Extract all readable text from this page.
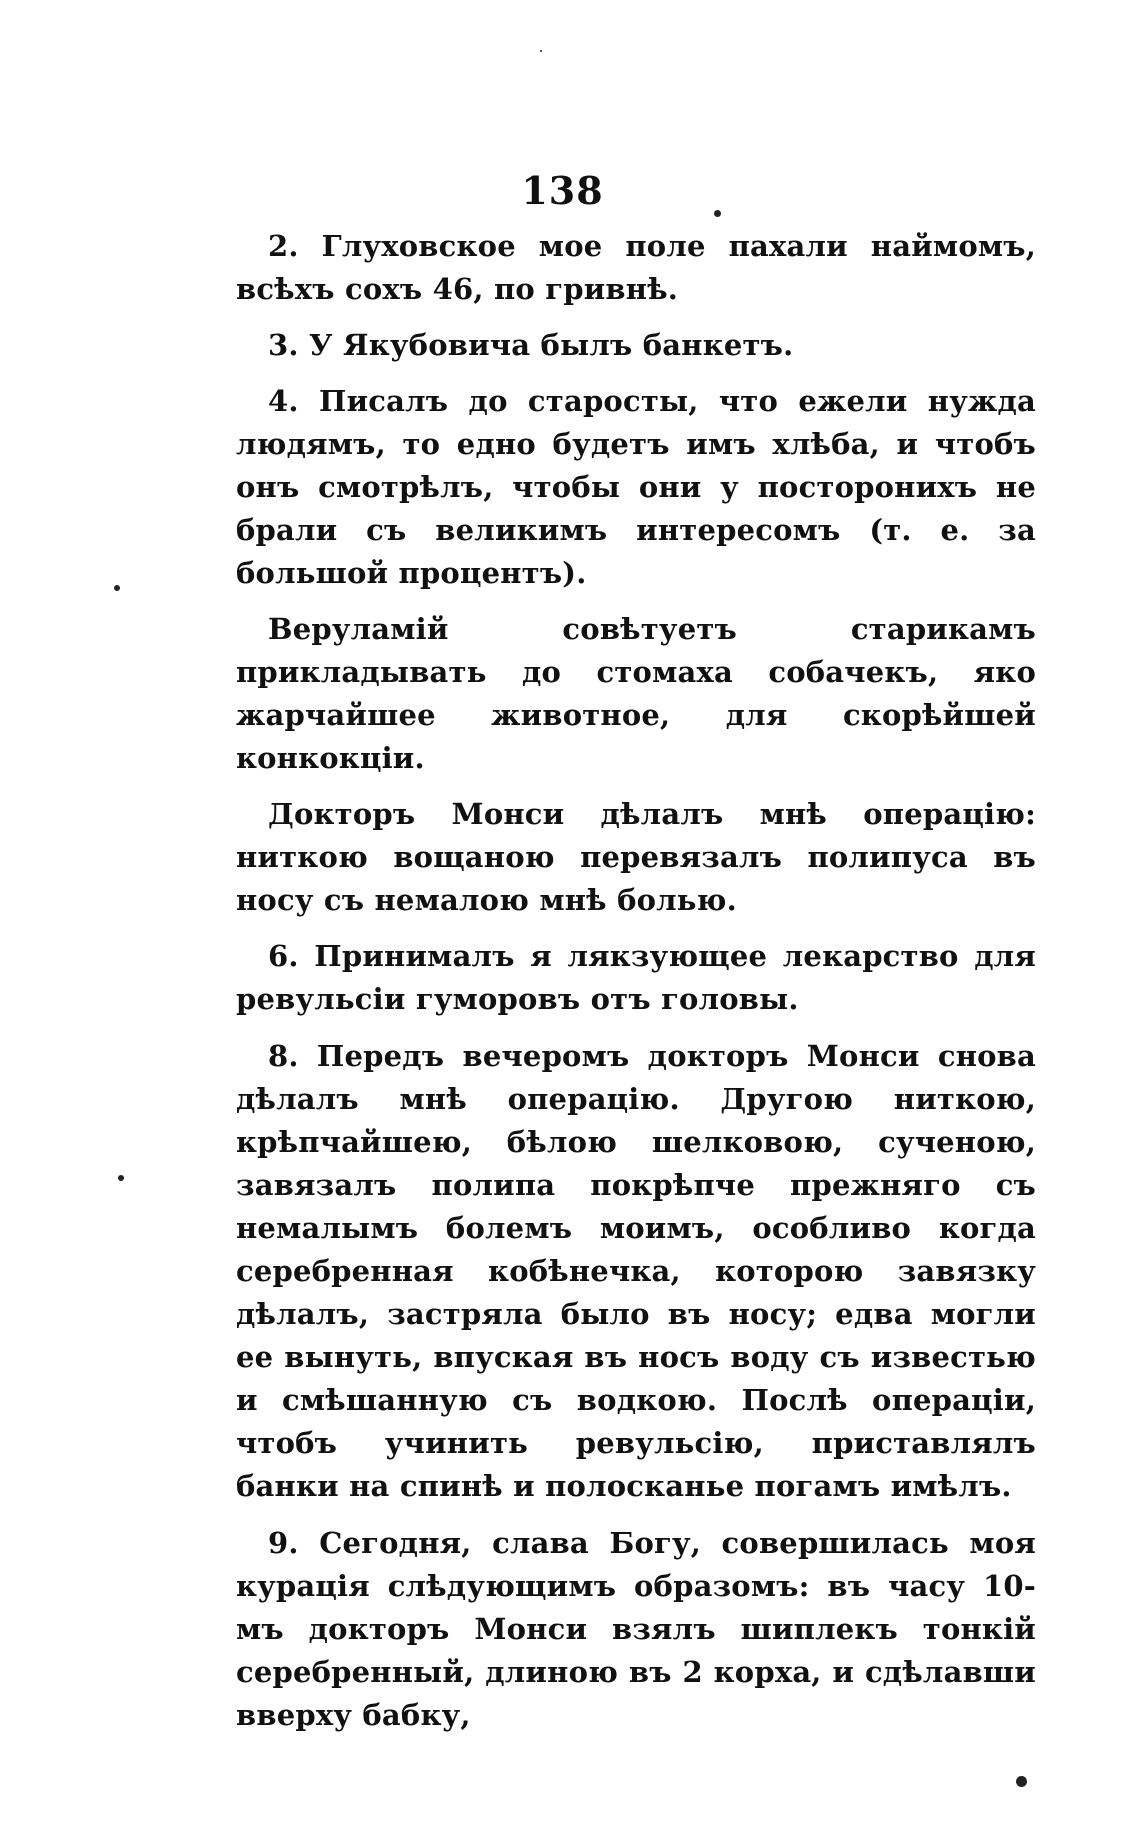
138

2. Глуховское мое поле пахали наймомъ, всѣхъ сохъ 46, по гривнѣ.

3. У Якубовича былъ банкетъ.

4. Писалъ до старосты, что ежели нужда людямъ, то едно будетъ имъ хлѣба, и чтобъ онъ смотрѣлъ, чтобы они у посторонихъ не брали съ великимъ интересомъ (т. е. за большой процентъ).

Веруламій совѣтуетъ старикамъ прикладывать до стомаха собачекъ, яко жарчайшее животное, для скорѣйшей конкокціи.

Докторъ Монси дѣлалъ мнѣ операцію: ниткою вощаною перевязалъ полипуса въ носу съ немалою мнѣ болью.

6. Принималъ я лякзующее лекарство для ревульсіи гуморовъ отъ головы.

8. Передъ вечеромъ докторъ Монси снова дѣлалъ мнѣ операцію. Другою ниткою, крѣпчайшею, бѣлою шелковою, сученою, завязалъ полипа покрѣпче прежняго съ немалымъ болемъ моимъ, особливо когда серебренная кобѣнечка, которою завязку дѣлалъ, застряла было въ носу; едва могли ее вынуть, впуская въ носъ воду съ известью и смѣшанную съ водкою. Послѣ операціи, чтобъ учинить ревульсію, приставлялъ банки на спинѣ и полосканье погамъ имѣлъ.

9. Сегодня, слава Богу, совершилась моя курація слѣдующимъ образомъ: въ часу 10-мъ докторъ Монси взялъ шиплекъ тонкій серебренный, длиною въ 2 корха, и сдѣлавши вверху бабку,
